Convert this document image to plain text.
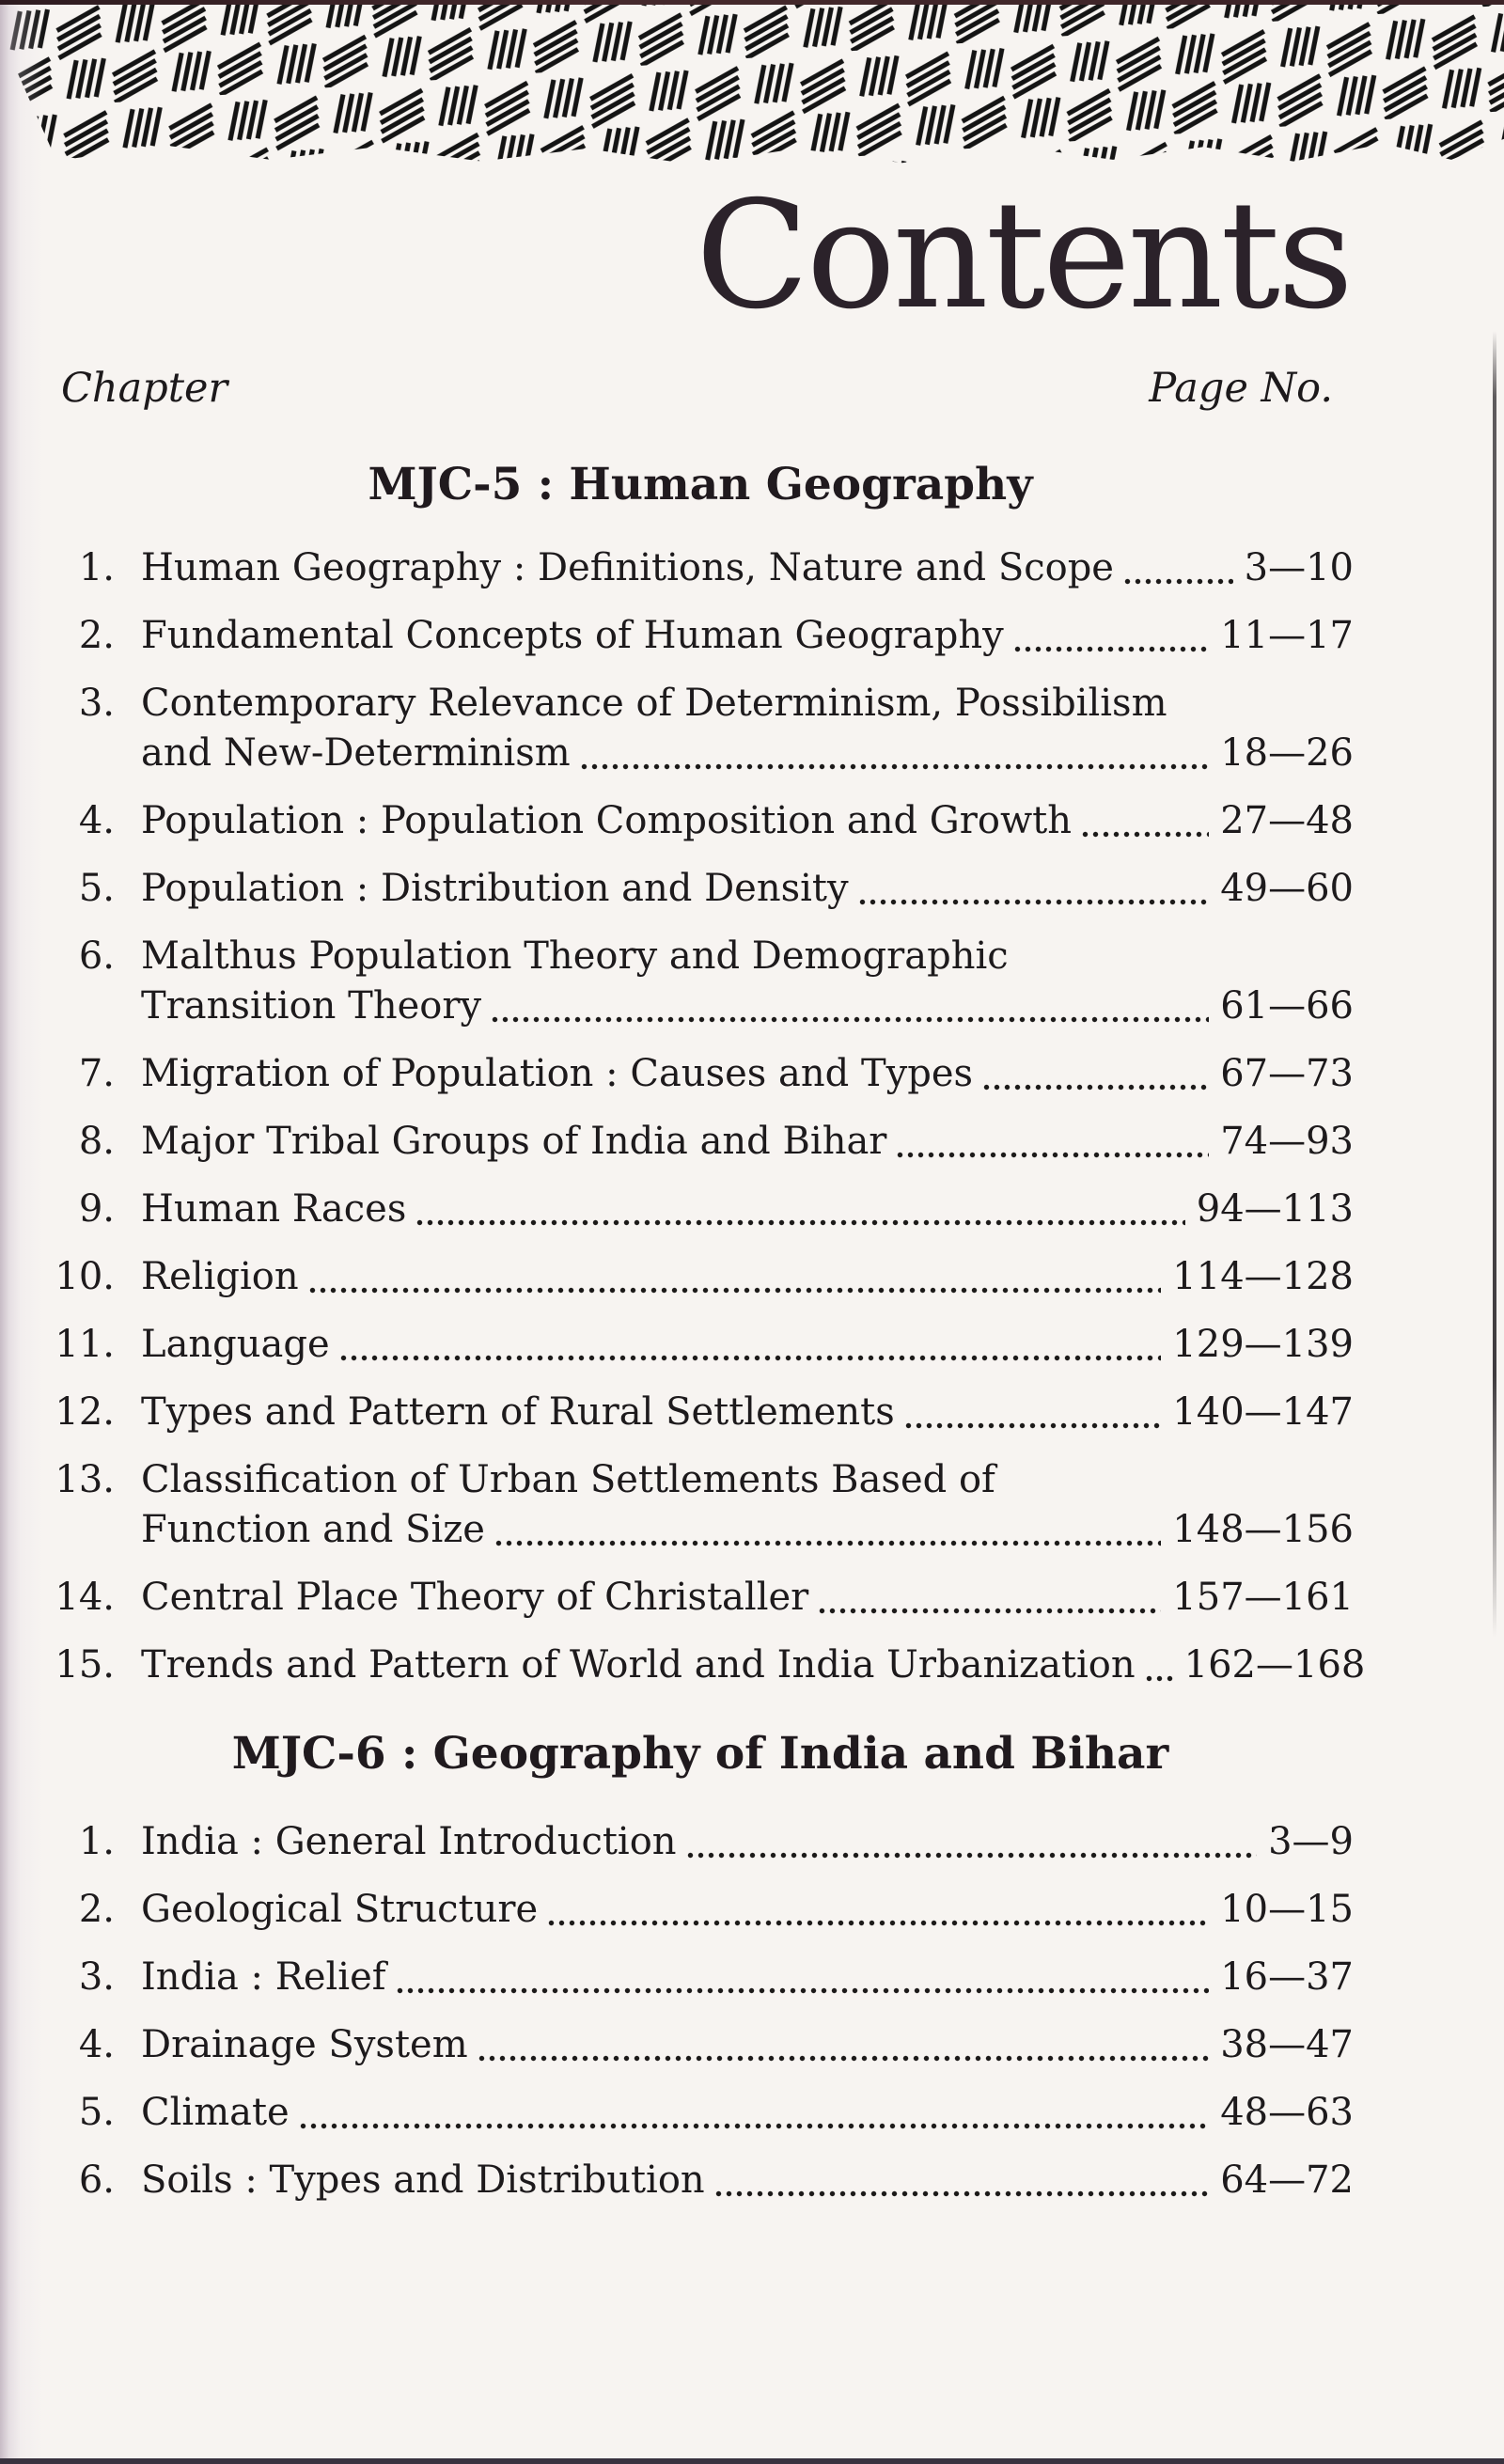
Contents
Chapter	Page No.
MJC-5 : Human Geography
1. Human Geography : Definitions, Nature and Scope	3—10
2. Fundamental Concepts of Human Geography	11—17
3. Contemporary Relevance of Determinism, Possibilism
and New-Determinism	18—26
4. Population : Population Composition and Growth	27—48
5. Population : Distribution and Density	49—60
6. Malthus Population Theory and Demographic
Transition Theory	61—66
7. Migration of Population : Causes and Types	67—73
8. Major Tribal Groups of India and Bihar	74—93
9. Human Races	94—113
10. Religion	114—128
11. Language	129—139
12. Types and Pattern of Rural Settlements	140—147
13. Classification of Urban Settlements Based of
Function and Size	148—156
14. Central Place Theory of Christaller	157—161
15. Trends and Pattern of World and India Urbanization 162—168
MJC-6 : Geography of India and Bihar
1. India : General Introduction	3—9
2. Geological Structure	10—15
3. India : Relief	16—37
4. Drainage System	38—47
5. Climate	48—63
6. Soils : Types and Distribution	64—72
